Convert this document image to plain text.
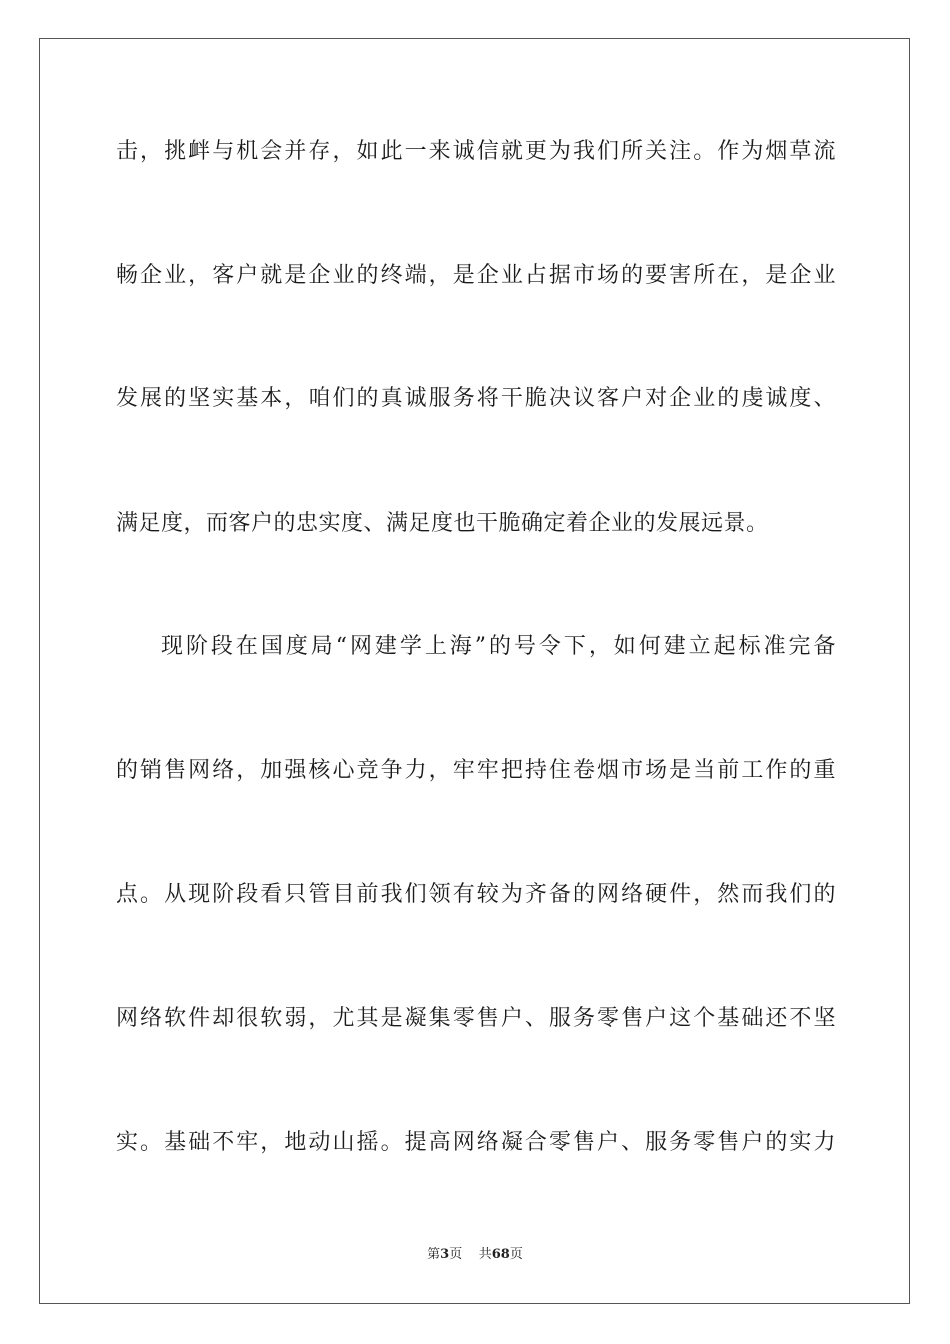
击，挑衅与机会并存，如此一来诚信就更为我们所关注。作为烟草流
畅企业，客户就是企业的终端，是企业占据市场的要害所在，是企业
发展的坚实基本，咱们的真诚服务将干脆决议客户对企业的虔诚度、
满足度，而客户的忠实度、满足度也干脆确定着企业的发展远景。
现阶段在国度局“网建学上海”的号令下，如何建立起标准完备
的销售网络，加强核心竞争力，牢牢把持住卷烟市场是当前工作的重
点。从现阶段看只管目前我们领有较为齐备的网络硬件，然而我们的
网络软件却很软弱，尤其是凝集零售户、服务零售户这个基础还不坚
实。基础不牢，地动山摇。提高网络凝合零售户、服务零售户的实力
第3页 共68页
